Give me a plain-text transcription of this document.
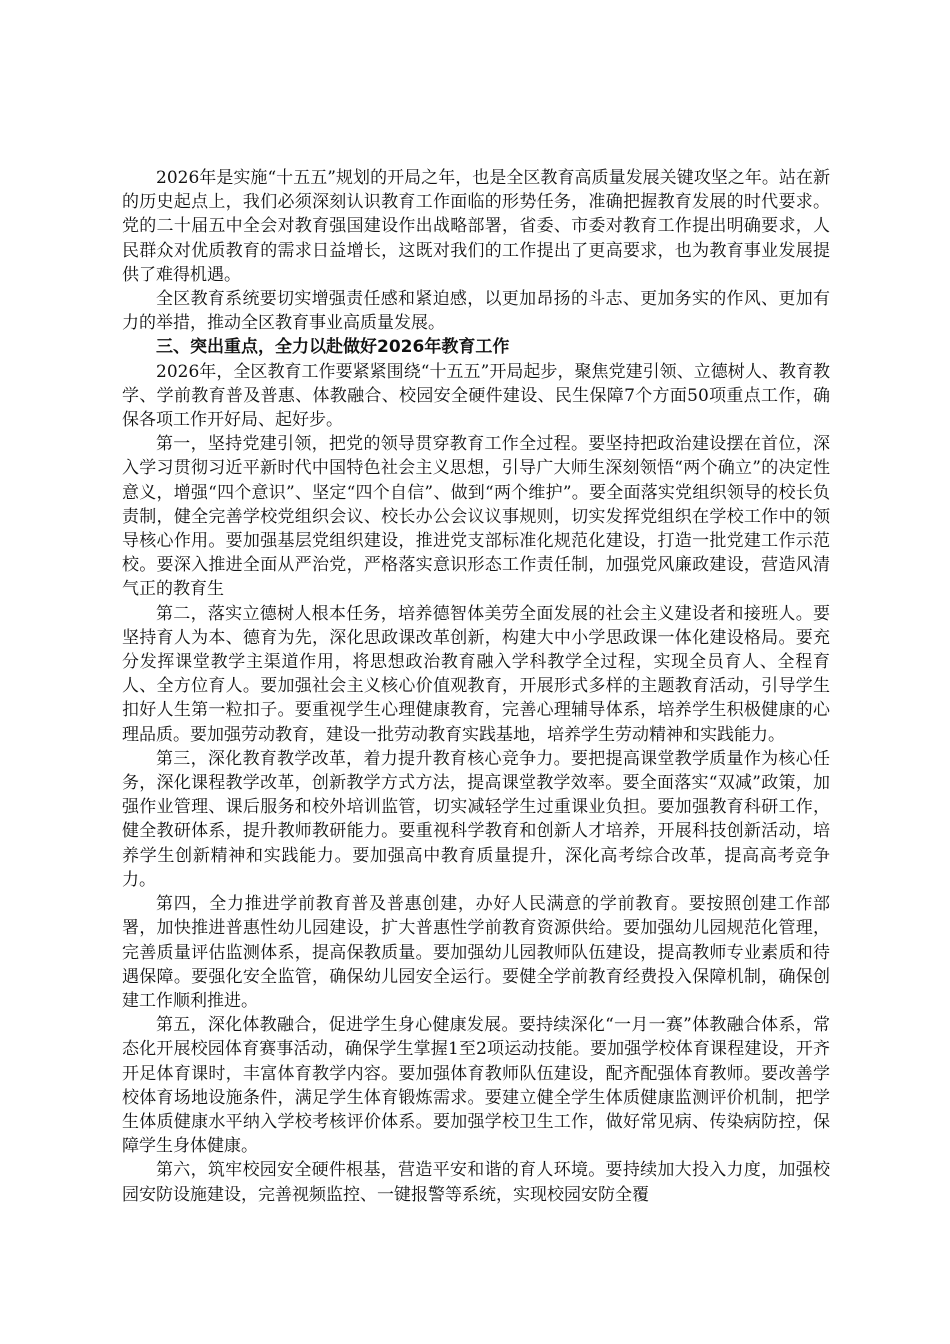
2026年是实施“十五五”规划的开局之年，也是全区教育高质量发展关键攻坚之年。站在新的历史起点上，我们必须深刻认识教育工作面临的形势任务，准确把握教育发展的时代要求。党的二十届五中全会对教育强国建设作出战略部署，省委、市委对教育工作提出明确要求，人民群众对优质教育的需求日益增长，这既对我们的工作提出了更高要求，也为教育事业发展提供了难得机遇。

全区教育系统要切实增强责任感和紧迫感，以更加昂扬的斗志、更加务实的作风、更加有力的举措，推动全区教育事业高质量发展。

三、突出重点，全力以赴做好2026年教育工作

2026年，全区教育工作要紧紧围绕“十五五”开局起步，聚焦党建引领、立德树人、教育教学、学前教育普及普惠、体教融合、校园安全硬件建设、民生保障7个方面50项重点工作，确保各项工作开好局、起好步。

第一，坚持党建引领，把党的领导贯穿教育工作全过程。要坚持把政治建设摆在首位，深入学习贯彻习近平新时代中国特色社会主义思想，引导广大师生深刻领悟“两个确立”的决定性意义，增强“四个意识”、坚定“四个自信”、做到“两个维护”。要全面落实党组织领导的校长负责制，健全完善学校党组织会议、校长办公会议议事规则，切实发挥党组织在学校工作中的领导核心作用。要加强基层党组织建设，推进党支部标准化规范化建设，打造一批党建工作示范校。要深入推进全面从严治党，严格落实意识形态工作责任制，加强党风廉政建设，营造风清气正的教育生

第二，落实立德树人根本任务，培养德智体美劳全面发展的社会主义建设者和接班人。要坚持育人为本、德育为先，深化思政课改革创新，构建大中小学思政课一体化建设格局。要充分发挥课堂教学主渠道作用，将思想政治教育融入学科教学全过程，实现全员育人、全程育人、全方位育人。要加强社会主义核心价值观教育，开展形式多样的主题教育活动，引导学生扣好人生第一粒扣子。要重视学生心理健康教育，完善心理辅导体系，培养学生积极健康的心理品质。要加强劳动教育，建设一批劳动教育实践基地，培养学生劳动精神和实践能力。

第三，深化教育教学改革，着力提升教育核心竞争力。要把提高课堂教学质量作为核心任务，深化课程教学改革，创新教学方式方法，提高课堂教学效率。要全面落实“双减”政策，加强作业管理、课后服务和校外培训监管，切实减轻学生过重课业负担。要加强教育科研工作，健全教研体系，提升教师教研能力。要重视科学教育和创新人才培养，开展科技创新活动，培养学生创新精神和实践能力。要加强高中教育质量提升，深化高考综合改革，提高高考竞争力。

第四，全力推进学前教育普及普惠创建，办好人民满意的学前教育。要按照创建工作部署，加快推进普惠性幼儿园建设，扩大普惠性学前教育资源供给。要加强幼儿园规范化管理，完善质量评估监测体系，提高保教质量。要加强幼儿园教师队伍建设，提高教师专业素质和待遇保障。要强化安全监管，确保幼儿园安全运行。要健全学前教育经费投入保障机制，确保创建工作顺利推进。

第五，深化体教融合，促进学生身心健康发展。要持续深化“一月一赛”体教融合体系，常态化开展校园体育赛事活动，确保学生掌握1至2项运动技能。要加强学校体育课程建设，开齐开足体育课时，丰富体育教学内容。要加强体育教师队伍建设，配齐配强体育教师。要改善学校体育场地设施条件，满足学生体育锻炼需求。要建立健全学生体质健康监测评价机制，把学生体质健康水平纳入学校考核评价体系。要加强学校卫生工作，做好常见病、传染病防控，保障学生身体健康。

第六，筑牢校园安全硬件根基，营造平安和谐的育人环境。要持续加大投入力度，加强校园安防设施建设，完善视频监控、一键报警等系统，实现校园安防全覆
